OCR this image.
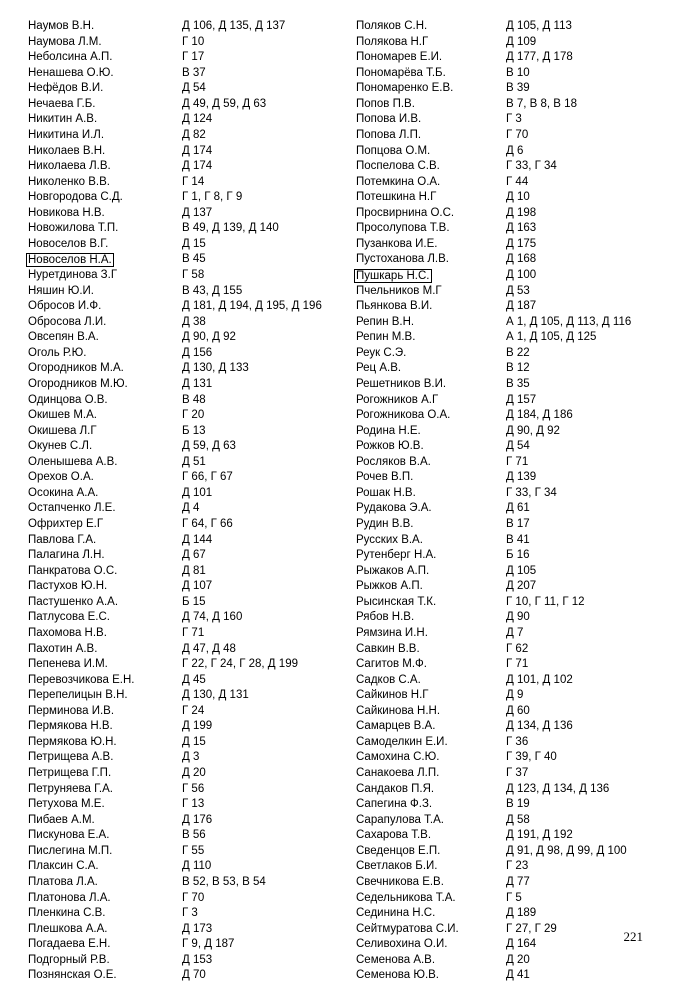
Наумов В.Н.	Д 106, Д 135, Д 137
Наумова Л.М.	Г 10
Неболсина А.П.	Г 17
Ненашева О.Ю.	В 37
Нефёдов В.И.	Д 54
Нечаева Г.Б.	Д 49, Д 59, Д 63
Никитин А.В.	Д 124
Никитина И.Л.	Д 82
Николаев В.Н.	Д 174
Николаева Л.В.	Д 174
Николенко В.В.	Г 14
Новгородова С.Д.	Г 1, Г 8, Г 9
Новикова Н.В.	Д 137
Новожилова Т.П.	В 49, Д 139, Д 140
Новоселов В.Г.	Д 15
Новоселов Н.А.	В 45
Нуретдинова З.Г	Г 58
Няшин Ю.И.	В 43, Д 155
Обросов И.Ф.	Д 181, Д 194, Д 195, Д 196
Обросова Л.И.	Д 38
Овсепян В.А.	Д 90, Д 92
Оголь Р.Ю.	Д 156
Огородников М.А.	Д 130, Д 133
Огородников М.Ю.	Д 131
Одинцова О.В.	В 48
Окишев М.А.	Г 20
Окишева Л.Г	Б 13
Окунев С.Л.	Д 59, Д 63
Оленышева А.В.	Д 51
Орехов О.А.	Г 66, Г 67
Осокина А.А.	Д 101
Остапченко Л.Е.	Д 4
Офрихтер Е.Г	Г 64, Г 66
Павлова Г.А.	Д 144
Палагина Л.Н.	Д 67
Панкратова О.С.	Д 81
Пастухов Ю.Н.	Д 107
Пастушенко А.А.	Б 15
Патлусова Е.С.	Д 74, Д 160
Пахомова Н.В.	Г 71
Пахотин А.В.	Д 47, Д 48
Пепенева И.М.	Г 22, Г 24, Г 28, Д 199
Перевозчикова Е.Н.	Д 45
Перепелицын В.Н.	Д 130, Д 131
Перминова И.В.	Г 24
Пермякова Н.В.	Д 199
Пермякова Ю.Н.	Д 15
Петрищева А.В.	Д 3
Петрищева Г.П.	Д 20
Петруняева Г.А.	Г 56
Петухова М.Е.	Г 13
Пибаев А.М.	Д 176
Пискунова Е.А.	В 56
Пислегина М.П.	Г 55
Плаксин С.А.	Д 110
Платова Л.А.	В 52, В 53, В 54
Платонова Л.А.	Г 70
Пленкина С.В.	Г 3
Плешкова А.А.	Д 173
Погадаева Е.Н.	Г 9, Д 187
Подгорный Р.В.	Д 153
Познянская О.Е.	Д 70
Поляков С.Н.	Д 105, Д 113
Полякова Н.Г	Д 109
Пономарев Е.И.	Д 177, Д 178
Пономарёва Т.Б.	В 10
Пономаренко Е.В.	В 39
Попов П.В.	В 7, В 8, В 18
Попова И.В.	Г 3
Попова Л.П.	Г 70
Попцова О.М.	Д 6
Поспелова С.В.	Г 33, Г 34
Потемкина О.А.	Г 44
Потешкина Н.Г	Д 10
Просвирнина О.С.	Д 198
Просолупова Т.В.	Д 163
Пузанкова И.Е.	Д 175
Пустоханова Л.В.	Д 168
Пушкарь Н.С.	Д 100
Пчельников М.Г	Д 53
Пьянкова В.И.	Д 187
Репин В.Н.	А 1, Д 105, Д 113, Д 116
Репин М.В.	А 1, Д 105, Д 125
Реук С.Э.	В 22
Рец А.В.	В 12
Решетников В.И.	В 35
Рогожников А.Г	Д 157
Рогожникова О.А.	Д 184, Д 186
Родина Н.Е.	Д 90, Д 92
Рожков Ю.В.	Д 54
Росляков В.А.	Г 71
Рочев В.П.	Д 139
Рошак Н.В.	Г 33, Г 34
Рудакова Э.А.	Д 61
Рудин В.В.	В 17
Русских В.А.	В 41
Рутенберг Н.А.	Б 16
Рыжаков А.П.	Д 105
Рыжков А.П.	Д 207
Рысинская Т.К.	Г 10, Г 11, Г 12
Рябов Н.В.	Д 90
Рямзина И.Н.	Д 7
Савкин В.В.	Г 62
Сагитов М.Ф.	Г 71
Садков С.А.	Д 101, Д 102
Сайкинов Н.Г	Д 9
Сайкинова Н.Н.	Д 60
Самарцев В.А.	Д 134, Д 136
Самоделкин Е.И.	Г 36
Самохина С.Ю.	Г 39, Г 40
Санакоева Л.П.	Г 37
Сандаков П.Я.	Д 123, Д 134, Д 136
Сапегина Ф.З.	В 19
Сарапулова Т.А.	Д 58
Сахарова Т.В.	Д 191, Д 192
Сведенцов Е.П.	Д 91, Д 98, Д 99, Д 100
Светлаков Б.И.	Г 23
Свечникова Е.В.	Д 77
Седельникова Т.А.	Г 5
Сединина Н.С.	Д 189
Сейтмуратова С.И.	Г 27, Г 29
Селивохина О.И.	Д 164
Семенова А.В.	Д 20
Семенова Ю.В.	Д 41
221
